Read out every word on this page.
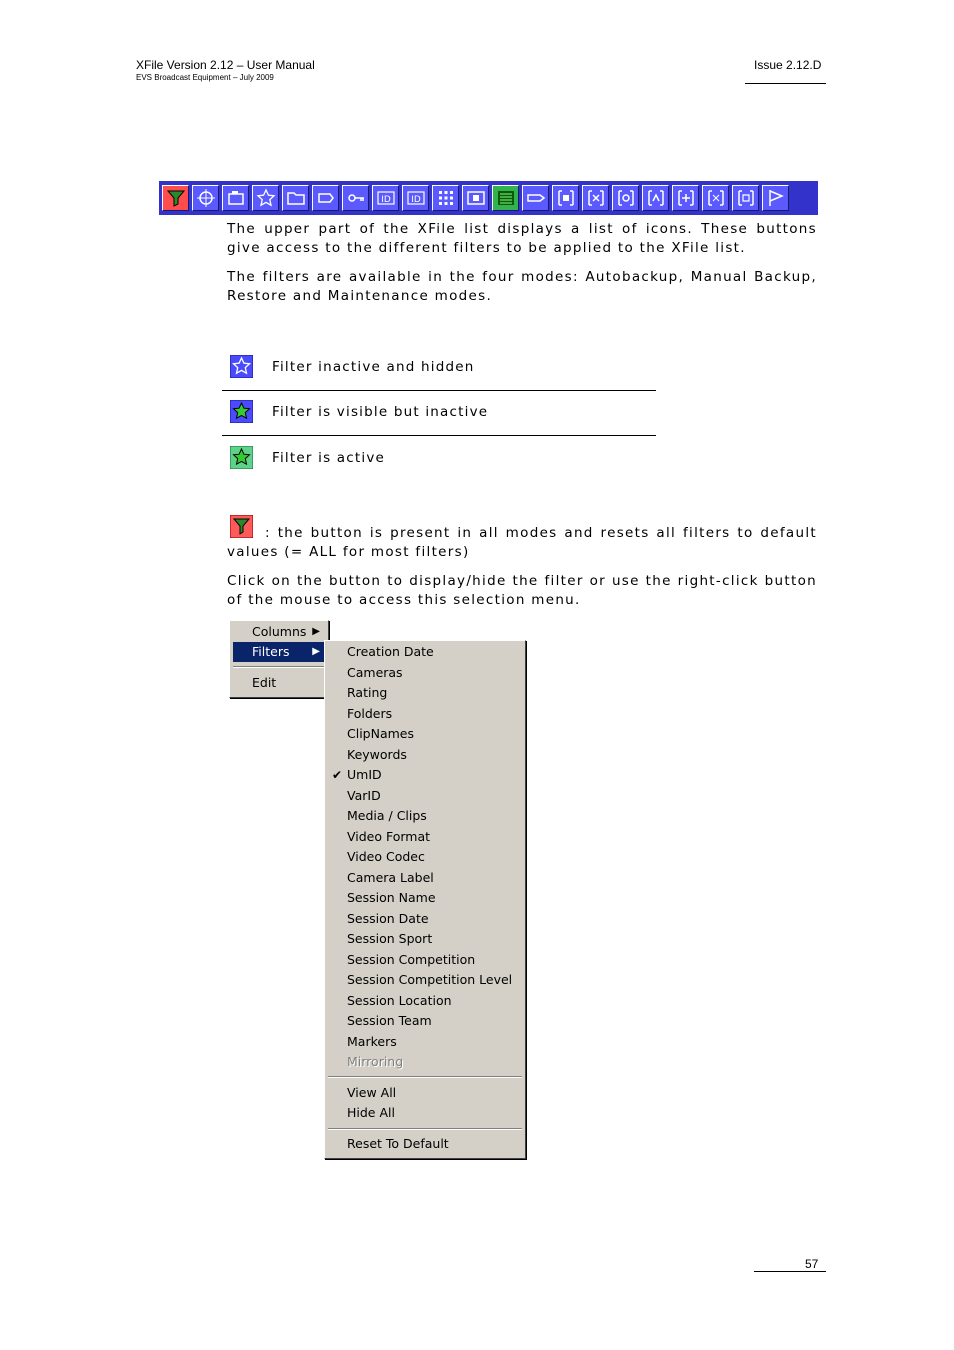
XFile Version 2.12 – User Manual
EVS Broadcast Equipment – July 2009
Issue 2.12.D
ID ID
The upper part of the XFile list displays a list of icons. These buttons give access to the different filters to be applied to the XFile list.
The filters are available in the four modes: Autobackup, Manual Backup, Restore and Maintenance modes.
Filter inactive and hidden
Filter is visible but inactive
Filter is active
: the button is present in all modes and resets all filters to default values (= ALL for most filters)
Click on the button to display/hide the filter or use the right-click button of the mouse to access this selection menu.
Columns ▶
Filters ▶
Edit
Creation Date
Cameras
Rating
Folders
ClipNames
Keywords
✔ UmID
VarID
Media / Clips
Video Format
Video Codec
Camera Label
Session Name
Session Date
Session Sport
Session Competition
Session Competition Level
Session Location
Session Team
Markers
Mirroring
View All
Hide All
Reset To Default
57
